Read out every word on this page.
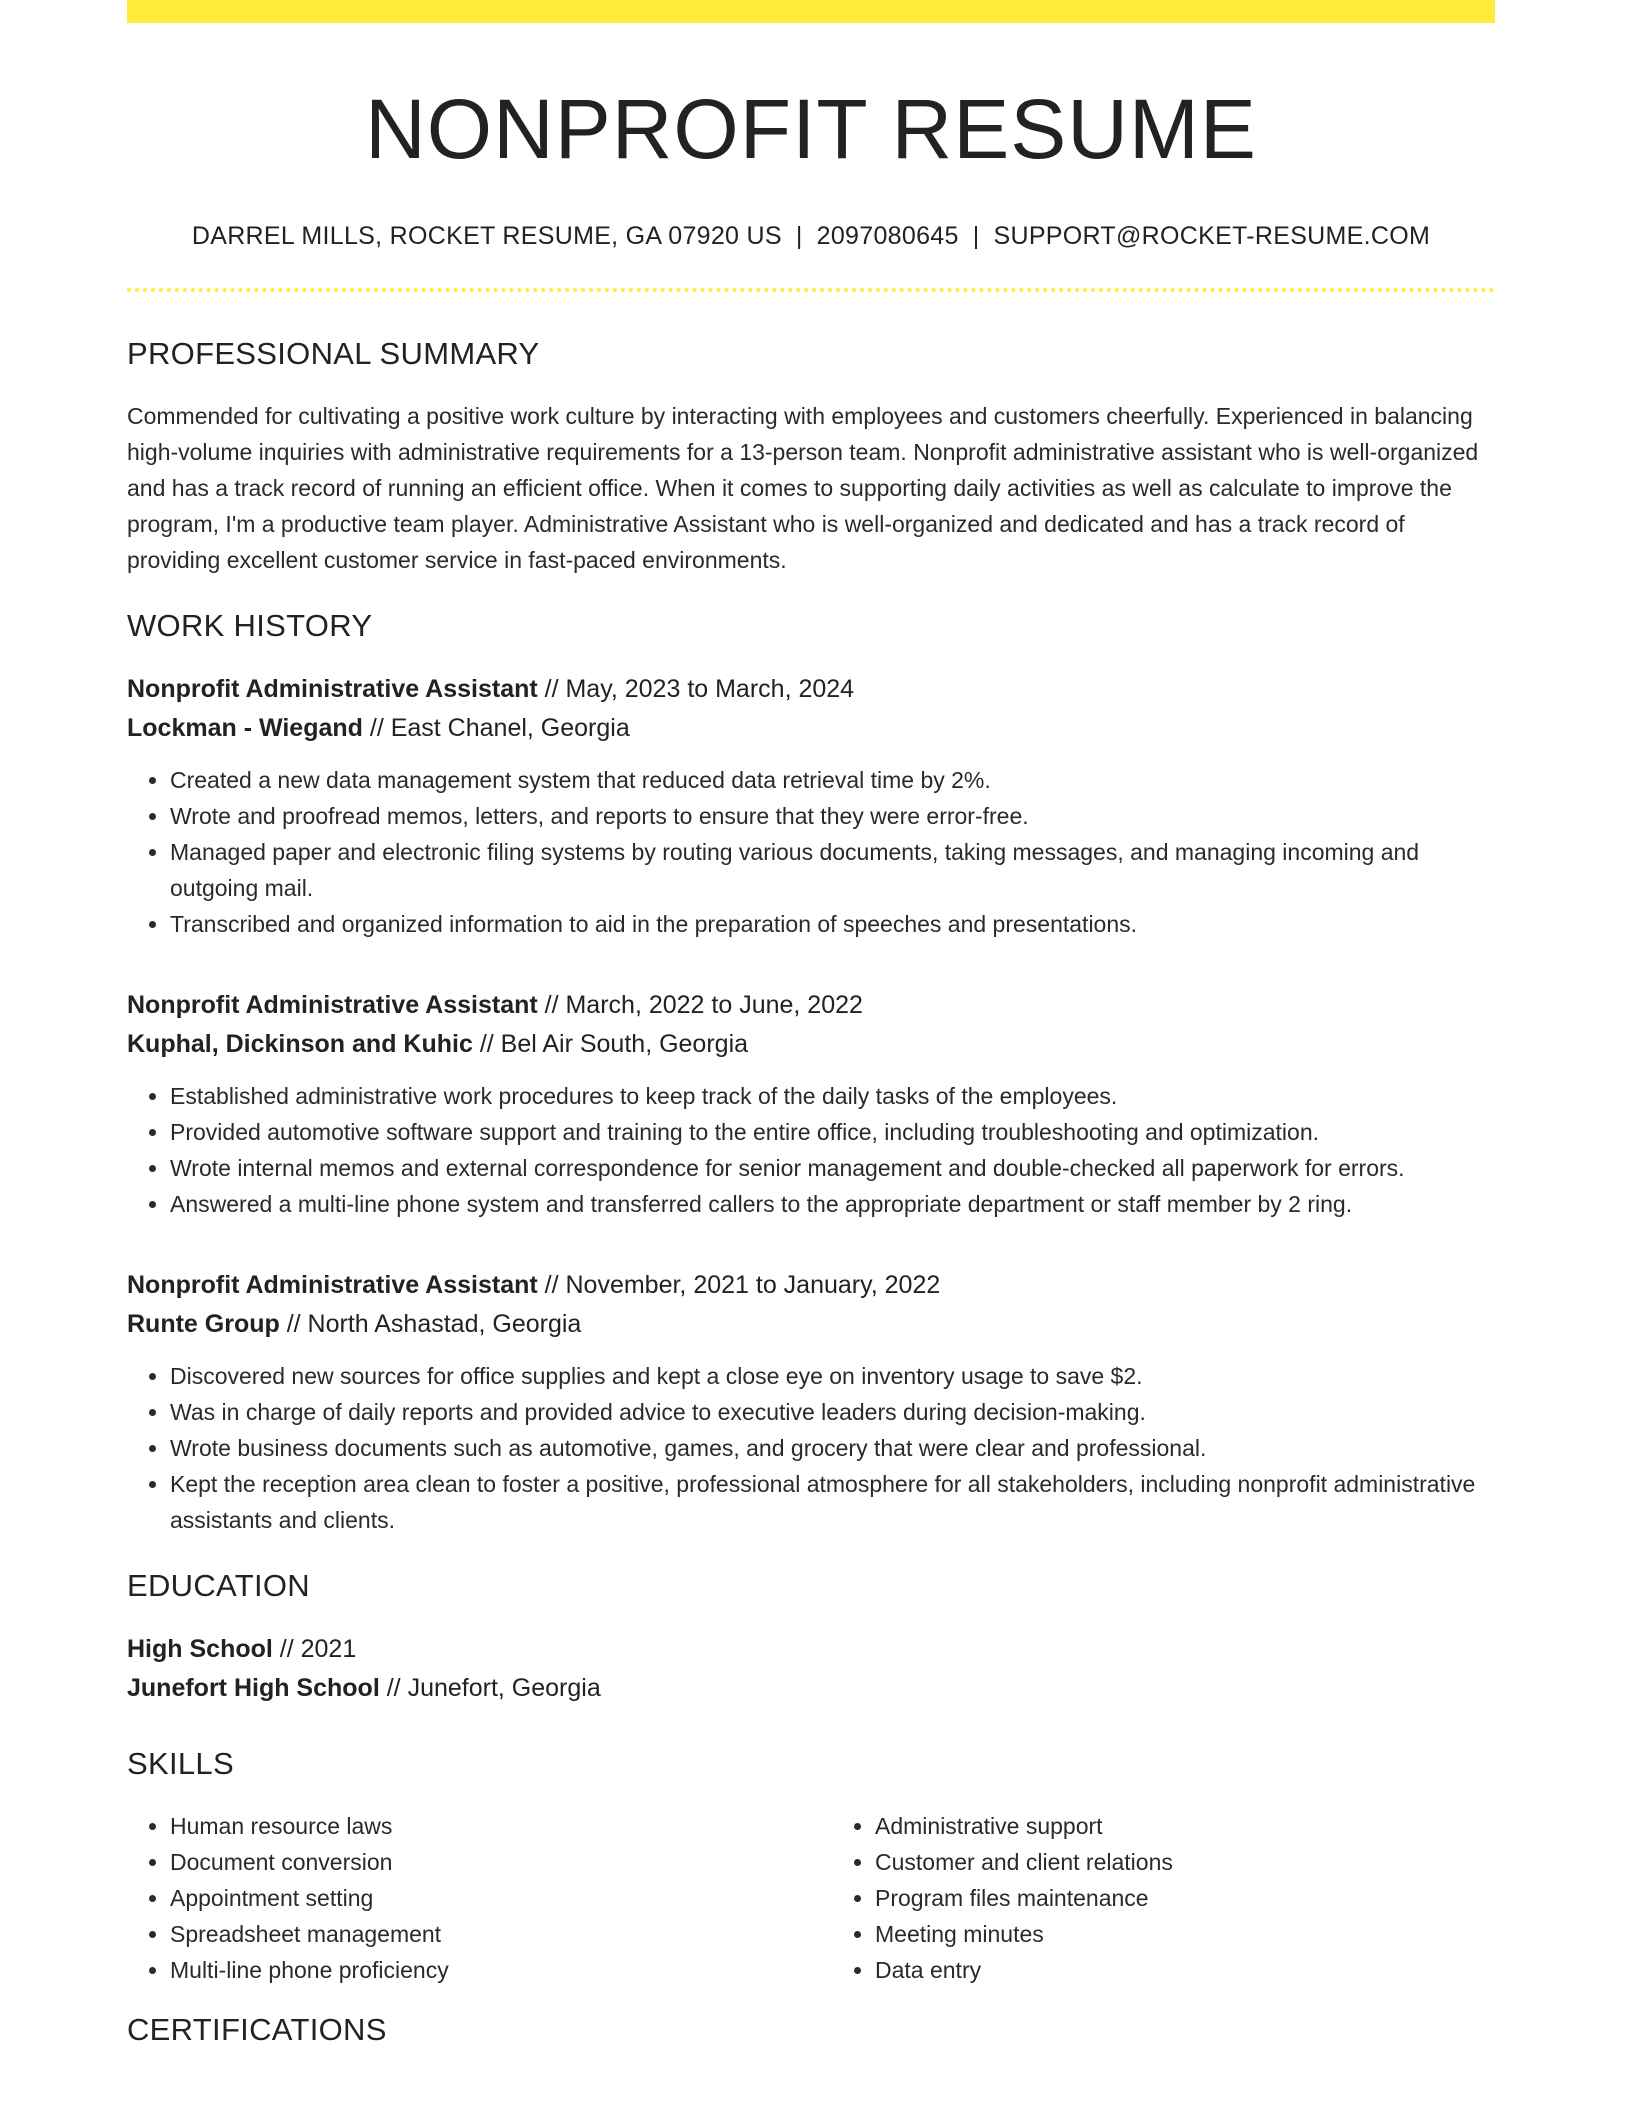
NONPROFIT RESUME
DARREL MILLS, ROCKET RESUME, GA 07920 US | 2097080645 | SUPPORT@ROCKET-RESUME.COM
PROFESSIONAL SUMMARY

Commended for cultivating a positive work culture by interacting with employees and customers cheerfully. Experienced in balancing high-volume inquiries with administrative requirements for a 13-person team. Nonprofit administrative assistant who is well-organized and has a track record of running an efficient office. When it comes to supporting daily activities as well as calculate to improve the program, I'm a productive team player. Administrative Assistant who is well-organized and dedicated and has a track record of providing excellent customer service in fast-paced environments.

WORK HISTORY
Nonprofit Administrative Assistant // May, 2023 to March, 2024
Lockman - Wiegand // East Chanel, Georgia
• Created a new data management system that reduced data retrieval time by 2%.
• Wrote and proofread memos, letters, and reports to ensure that they were error-free.
• Managed paper and electronic filing systems by routing various documents, taking messages, and managing incoming and outgoing mail.
• Transcribed and organized information to aid in the preparation of speeches and presentations.
Nonprofit Administrative Assistant // March, 2022 to June, 2022
Kuphal, Dickinson and Kuhic // Bel Air South, Georgia
• Established administrative work procedures to keep track of the daily tasks of the employees.
• Provided automotive software support and training to the entire office, including troubleshooting and optimization.
• Wrote internal memos and external correspondence for senior management and double-checked all paperwork for errors.
• Answered a multi-line phone system and transferred callers to the appropriate department or staff member by 2 ring.
Nonprofit Administrative Assistant // November, 2021 to January, 2022
Runte Group // North Ashastad, Georgia
• Discovered new sources for office supplies and kept a close eye on inventory usage to save $2.
• Was in charge of daily reports and provided advice to executive leaders during decision-making.
• Wrote business documents such as automotive, games, and grocery that were clear and professional.
• Kept the reception area clean to foster a positive, professional atmosphere for all stakeholders, including nonprofit administrative assistants and clients.
EDUCATION
High School // 2021
Junefort High School // Junefort, Georgia
SKILLS
• Human resource laws
• Document conversion
• Appointment setting
• Spreadsheet management
• Multi-line phone proficiency
• Administrative support
• Customer and client relations
• Program files maintenance
• Meeting minutes
• Data entry
CERTIFICATIONS
